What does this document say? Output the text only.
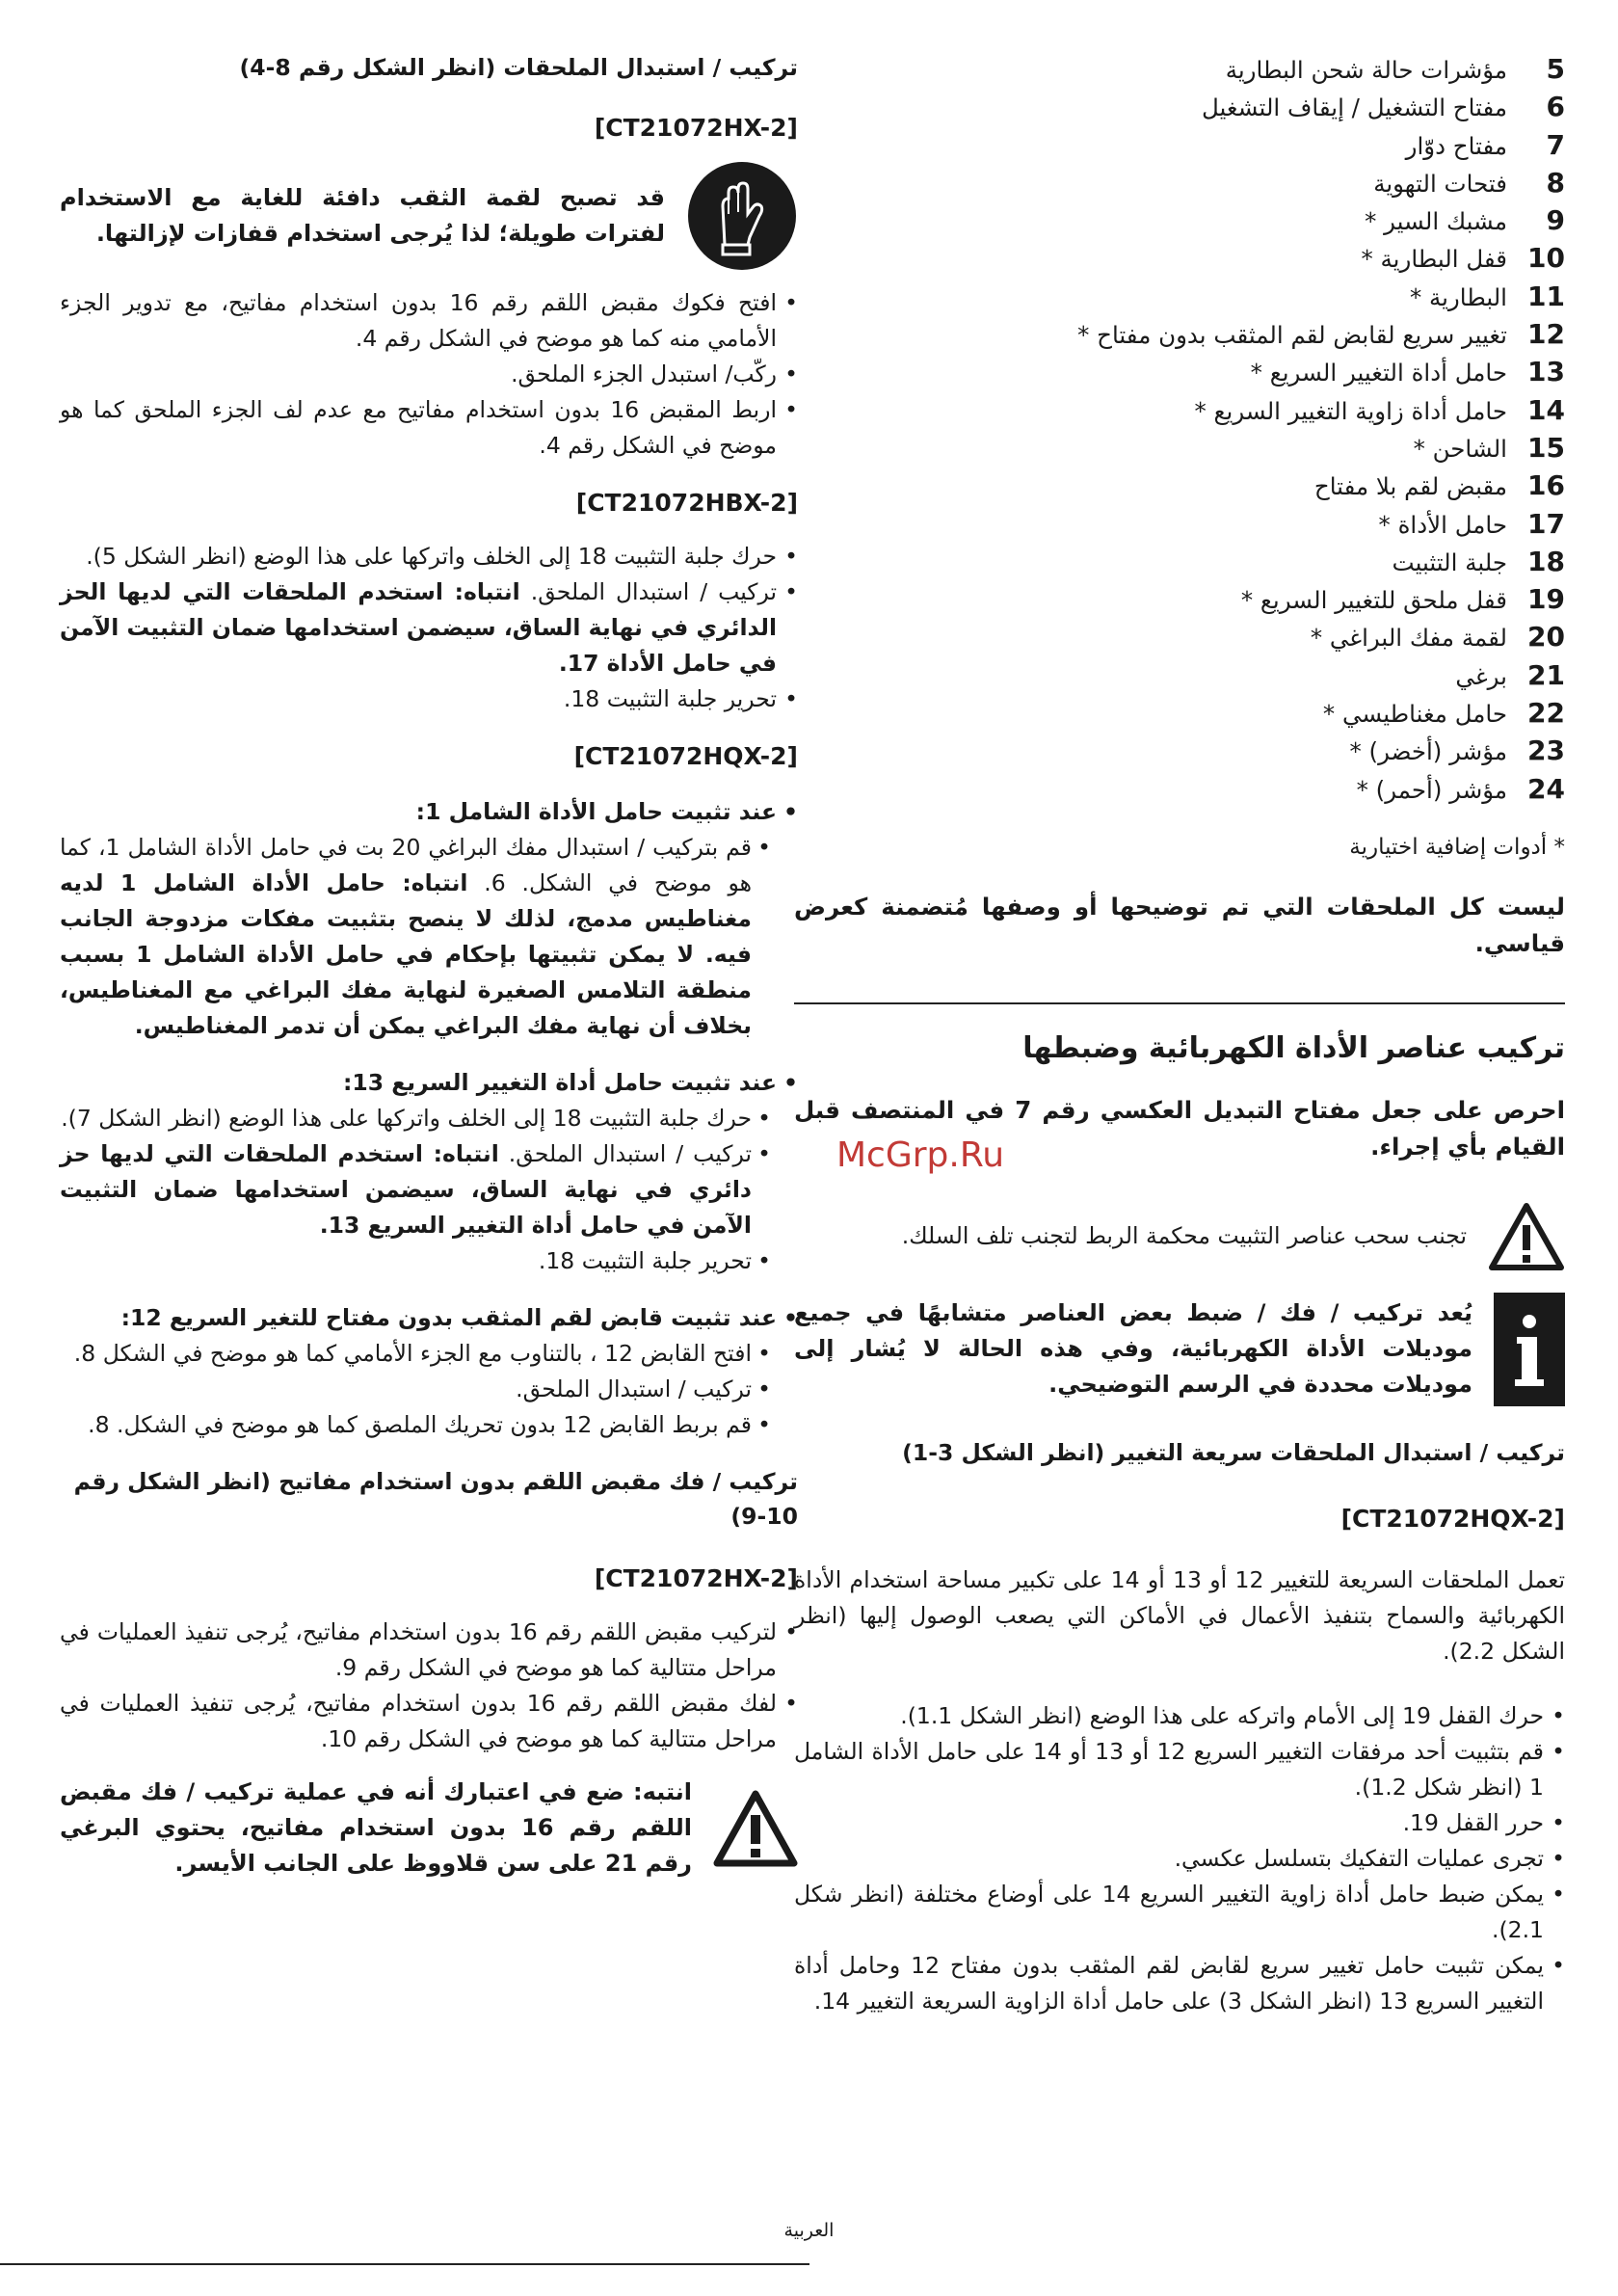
5
مؤشرات حالة شحن البطارية
6
مفتاح التشغيل / إيقاف التشغيل
7
مفتاح دوّار
8
فتحات التهوية
9
مشبك السير *
10
قفل البطارية *
11
البطارية *
12
تغيير سريع لقابض لقم المثقب بدون مفتاح *
13
حامل أداة التغيير السريع *
14
حامل أداة زاوية التغيير السريع *
15
الشاحن *
16
مقبض لقم بلا مفتاح
17
حامل الأداة *
18
جلبة التثبيت
19
قفل ملحق للتغيير السريع *
20
لقمة مفك البراغي *
21
برغي
22
حامل مغناطيسي *
23
مؤشر (أخضر) *
24
مؤشر (أحمر) *
* أدوات إضافية اختيارية

ليست كل الملحقات التي تم توضيحها أو وصفها مُتضمنة كعرض قياسي.

تركيب عناصر الأداة الكهربائية وضبطها

احرص على جعل مفتاح التبديل العكسي رقم 7 في المنتصف قبل القيام بأي إجراء.

تجنب سحب عناصر التثبيت محكمة الربط لتجنب تلف السلك.

يُعد تركيب / فك / ضبط بعض العناصر متشابهًا في جميع موديلات الأداة الكهربائية، وفي هذه الحالة لا يُشار إلى موديلات محددة في الرسم التوضيحي.

تركيب / استبدال الملحقات سريعة التغيير (انظر الشكل 3-1)

[CT21072HQX-2]

تعمل الملحقات السريعة للتغيير 12 أو 13 أو 14 على تكبير مساحة استخدام الأداة الكهربائية والسماح بتنفيذ الأعمال في الأماكن التي يصعب الوصول إليها (انظر الشكل 2.2).

• حرك القفل 19 إلى الأمام واتركه على هذا الوضع (انظر الشكل 1.1).

• قم بتثبيت أحد مرفقات التغيير السريع 12 أو 13 أو 14 على حامل الأداة الشامل 1 (انظر شكل 1.2).

• حرر القفل 19.

• تجرى عمليات التفكيك بتسلسل عكسي.

• يمكن ضبط حامل أداة زاوية التغيير السريع 14 على أوضاع مختلفة (انظر شكل 2.1).

• يمكن تثبيت حامل تغيير سريع لقابض لقم المثقب بدون مفتاح 12 وحامل أداة التغيير السريع 13 (انظر الشكل 3) على حامل أداة الزاوية السريعة التغيير 14.

تركيب / استبدال الملحقات (انظر الشكل رقم 8-4)

[CT21072HX-2]

قد تصبح لقمة الثقب دافئة للغاية مع الاستخدام لفترات طويلة؛ لذا يُرجى استخدام قفازات لإزالتها.

• افتح فكوك مقبض اللقم رقم 16 بدون استخدام مفاتيح، مع تدوير الجزء الأمامي منه كما هو موضح في الشكل رقم 4.

• ركّب/ استبدل الجزء الملحق.

• اربط المقبض 16 بدون استخدام مفاتيح مع عدم لف الجزء الملحق كما هو موضح في الشكل رقم 4.

[CT21072HBX-2]

• حرك جلبة التثبيت 18 إلى الخلف واتركها على هذا الوضع (انظر الشكل 5).

• تركيب / استبدال الملحق. انتباه: استخدم الملحقات التي لديها الحز الدائري في نهاية الساق، سيضمن استخدامها ضمان التثبيت الآمن في حامل الأداة 17.

• تحرير جلبة التثبيت 18.

[CT21072HQX-2]

• عند تثبيت حامل الأداة الشامل 1:

• قم بتركيب / استبدال مفك البراغي 20 بت في حامل الأداة الشامل 1، كما هو موضح في الشكل. 6. انتباه: حامل الأداة الشامل 1 لديه مغناطيس مدمج، لذلك لا ينصح بتثبيت مفكات مزدوجة الجانب فيه. لا يمكن تثبيتها بإحكام في حامل الأداة الشامل 1 بسبب منطقة التلامس الصغيرة لنهاية مفك البراغي مع المغناطيس، بخلاف أن نهاية مفك البراغي يمكن أن تدمر المغناطيس.

• عند تثبيت حامل أداة التغيير السريع 13:

• حرك جلبة التثبيت 18 إلى الخلف واتركها على هذا الوضع (انظر الشكل 7).

• تركيب / استبدال الملحق. انتباه: استخدم الملحقات التي لديها حز دائري في نهاية الساق، سيضمن استخدامها ضمان التثبيت الآمن في حامل أداة التغيير السريع 13.

• تحرير جلبة التثبيت 18.

• عند تثبيت قابض لقم المثقب بدون مفتاح للتغير السريع 12:

• افتح القابض 12 ، بالتناوب مع الجزء الأمامي كما هو موضح في الشكل 8.

• تركيب / استبدال الملحق.

• قم بربط القابض 12 بدون تحريك الملصق كما هو موضح في الشكل. 8.

تركيب / فك مقبض اللقم بدون استخدام مفاتيح (انظر الشكل رقم 10-9)

[CT21072HX-2]

• لتركيب مقبض اللقم رقم 16 بدون استخدام مفاتيح، يُرجى تنفيذ العمليات في مراحل متتالية كما هو موضح في الشكل رقم 9.

• لفك مقبض اللقم رقم 16 بدون استخدام مفاتيح، يُرجى تنفيذ العمليات في مراحل متتالية كما هو موضح في الشكل رقم 10.

انتبه: ضع في اعتبارك أنه في عملية تركيب / فك مقبض اللقم رقم 16 بدون استخدام مفاتيح، يحتوي البرغي رقم 21 على سن قلاووظ على الجانب الأيسر.

McGrp.Ru
العربية
